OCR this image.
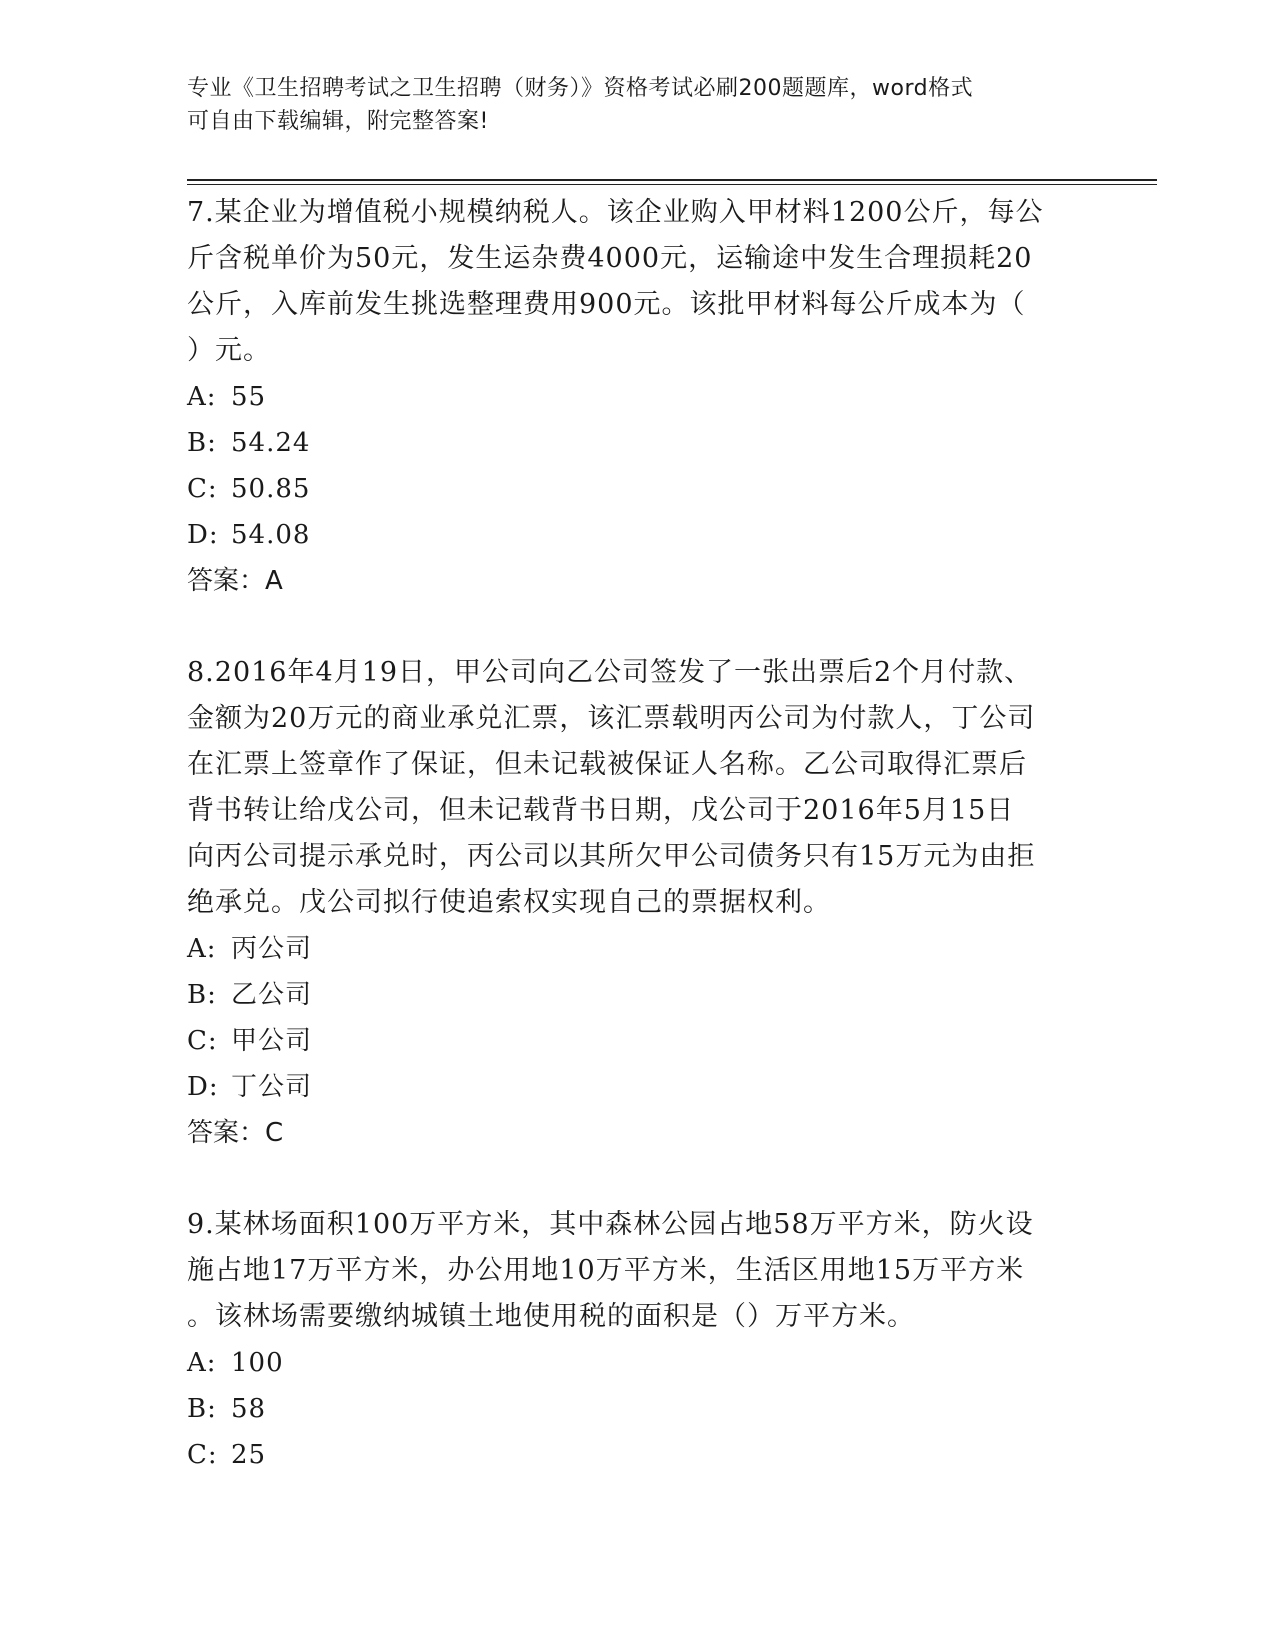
专业《卫生招聘考试之卫生招聘（财务）》资格考试必刷200题题库，word格式
可自由下载编辑，附完整答案!

7.某企业为增值税小规模纳税人。该企业购入甲材料1200公斤，每公

斤含税单价为50元，发生运杂费4000元，运输途中发生合理损耗20

公斤，入库前发生挑选整理费用900元。该批甲材料每公斤成本为（

）元。

A: 55

B: 54.24

C: 50.85

D: 54.08

答案：A

8.2016年4月19日，甲公司向乙公司签发了一张出票后2个月付款、

金额为20万元的商业承兑汇票，该汇票载明丙公司为付款人，丁公司

在汇票上签章作了保证，但未记载被保证人名称。乙公司取得汇票后

背书转让给戊公司，但未记载背书日期，戊公司于2016年5月15日

向丙公司提示承兑时，丙公司以其所欠甲公司债务只有15万元为由拒

绝承兑。戊公司拟行使追索权实现自己的票据权利。

A: 丙公司

B: 乙公司

C: 甲公司

D: 丁公司

答案：C

9.某林场面积100万平方米，其中森林公园占地58万平方米，防火设

施占地17万平方米，办公用地10万平方米，生活区用地15万平方米

。该林场需要缴纳城镇土地使用税的面积是（）万平方米。

A: 100

B: 58

C: 25
